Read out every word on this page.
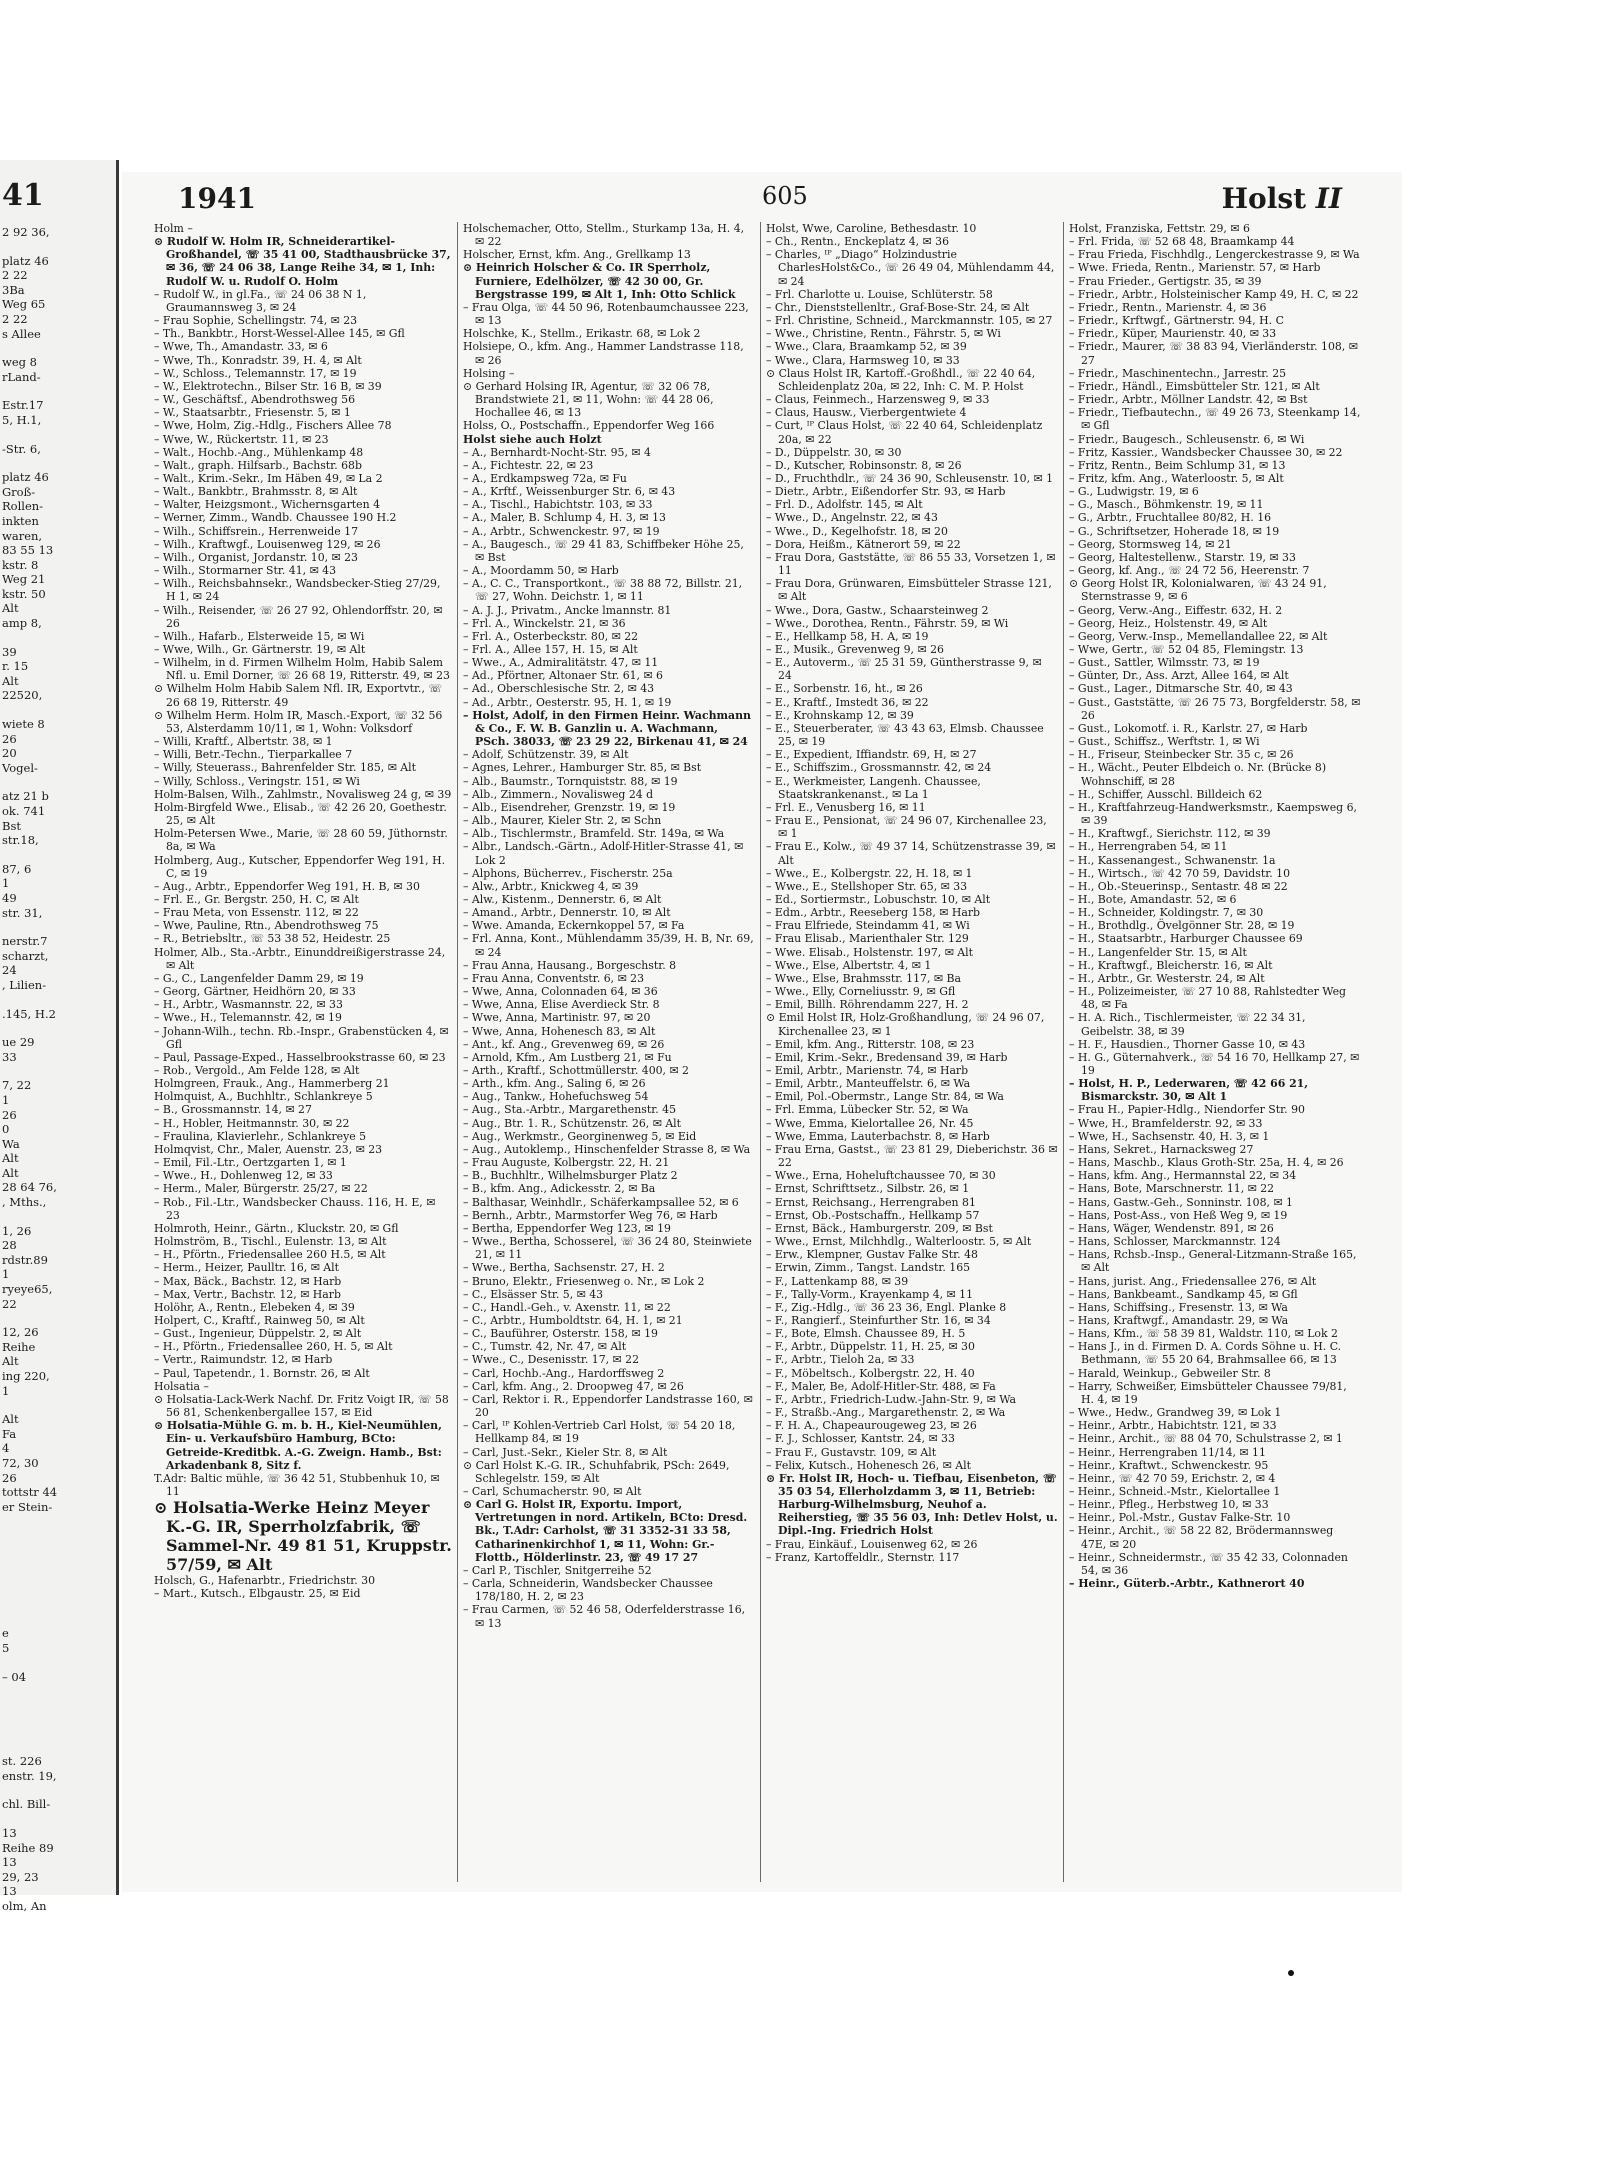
41
2 92 36,
platz 46
2 22
3Ba
Weg 65
2 22
s Allee
weg 8
rLand-
Estr.17
5, H.1,
-Str. 6,
platz 46
Groß-
Rollen-
inkten
waren,
83 55 13
kstr. 8
Weg 21
kstr. 50
Alt
amp 8,
39
r. 15
Alt
22520,
wiete 8
26
20
Vogel-
atz 21 b
ok. 741
Bst
str.18,
87, 6
1
49
str. 31,
nerstr.7
scharzt,
24
, Lilien-
.145, H.2
ue 29
33
7, 22
1
26
0
Wa
Alt
Alt
28 64 76,
, Mths.,
1, 26
28
rdstr.89
1
ryeye65,
22
12, 26
Reihe
Alt
ing 220,
1
Alt
Fa
4
72, 30
26
tottstr 44
er Stein-
e
5
– 04
st. 226
enstr. 19,
chl. Bill-
13
Reihe 89
13
29, 23
13
olm, An
1941	605	Holst II
Holm –
⊙ Rudolf W. Holm IR, Schneiderartikel-Großhandel, ☏ 35 41 00, Stadthausbrücke 37, ✉ 36, ☏ 24 06 38, Lange Reihe 34, ✉ 1, Inh: Rudolf W. u. Rudolf O. Holm
– Rudolf W., in gl.Fa., ☏ 24 06 38 N 1, Graumannsweg 3, ✉ 24
– Frau Sophie, Schellingstr. 74, ✉ 23
– Th., Bankbtr., Horst-Wessel-Allee 145, ✉ Gfl
– Wwe, Th., Amandastr. 33, ✉ 6
– Wwe, Th., Konradstr. 39, H. 4, ✉ Alt
– W., Schloss., Telemannstr. 17, ✉ 19
– W., Elektrotechn., Bilser Str. 16 B, ✉ 39
– W., Geschäftsf., Abendrothsweg 56
– W., Staatsarbtr., Friesenstr. 5, ✉ 1
– Wwe, Holm, Zig.-Hdlg., Fischers Allee 78
– Wwe, W., Rückertstr. 11, ✉ 23
– Walt., Hochb.-Ang., Mühlenkamp 48
– Walt., graph. Hilfsarb., Bachstr. 68b
– Walt., Krim.-Sekr., Im Häben 49, ✉ La 2
– Walt., Bankbtr., Brahmsstr. 8, ✉ Alt
– Walter, Heizgsmont., Wichernsgarten 4
– Werner, Zimm., Wandb. Chaussee 190 H.2
– Wilh., Schiffsrein., Herrenweide 17
– Wilh., Kraftwgf., Louisenweg 129, ✉ 26
– Wilh., Organist, Jordanstr. 10, ✉ 23
– Wilh., Stormarner Str. 41, ✉ 43
– Wilh., Reichsbahnsekr., Wandsbecker-Stieg 27/29, H 1, ✉ 24
– Wilh., Reisender, ☏ 26 27 92, Ohlendorffstr. 20, ✉ 26
– Wilh., Hafarb., Elsterweide 15, ✉ Wi
– Wwe, Wilh., Gr. Gärtnerstr. 19, ✉ Alt
– Wilhelm, in d. Firmen Wilhelm Holm, Habib Salem Nfl. u. Emil Dorner, ☏ 26 68 19, Ritterstr. 49, ✉ 23
⊙ Wilhelm Holm Habib Salem Nfl. IR, Exportvtr., ☏ 26 68 19, Ritterstr. 49
⊙ Wilhelm Herm. Holm IR, Masch.-Export, ☏ 32 56 53, Alsterdamm 10/11, ✉ 1, Wohn: Volksdorf
– Willi, Kraftf., Albertstr. 38, ✉ 1
– Willi, Betr.-Techn., Tierparkallee 7
– Willy, Steuerass., Bahrenfelder Str. 185, ✉ Alt
– Willy, Schloss., Veringstr. 151, ✉ Wi
Holm-Balsen, Wilh., Zahlmstr., Novalisweg 24 g, ✉ 39
Holm-Birgfeld Wwe., Elisab., ☏ 42 26 20, Goethestr. 25, ✉ Alt
Holm-Petersen Wwe., Marie, ☏ 28 60 59, Jüthornstr. 8a, ✉ Wa
Holmberg, Aug., Kutscher, Eppendorfer Weg 191, H. C, ✉ 19
– Aug., Arbtr., Eppendorfer Weg 191, H. B, ✉ 30
– Frl. E., Gr. Bergstr. 250, H. C, ✉ Alt
– Frau Meta, von Essenstr. 112, ✉ 22
– Wwe, Pauline, Rtn., Abendrothsweg 75
– R., Betriebsltr., ☏ 53 38 52, Heidestr. 25
Holmer, Alb., Sta.-Arbtr., Einunddreißigerstrasse 24, ✉ Alt
– G., C., Langenfelder Damm 29, ✉ 19
– Georg, Gärtner, Heidhörn 20, ✉ 33
– H., Arbtr., Wasmannstr. 22, ✉ 33
– Wwe., H., Telemannstr. 42, ✉ 19
– Johann-Wilh., techn. Rb.-Inspr., Grabenstücken 4, ✉ Gfl
– Paul, Passage-Exped., Hasselbrookstrasse 60, ✉ 23
– Rob., Vergold., Am Felde 128, ✉ Alt
Holmgreen, Frauk., Ang., Hammerberg 21
Holmquist, A., Buchhltr., Schlankreye 5
– B., Grossmannstr. 14, ✉ 27
– H., Hobler, Heitmannstr. 30, ✉ 22
– Fraulina, Klavierlehr., Schlankreye 5
Holmqvist, Chr., Maler, Auenstr. 23, ✉ 23
– Emil, Fil.-Ltr., Oertzgarten 1, ✉ 1
– Wwe., H., Dohlenweg 12, ✉ 33
– Herm., Maler, Bürgerstr. 25/27, ✉ 22
– Rob., Fil.-Ltr., Wandsbecker Chauss. 116, H. E, ✉ 23
Holmroth, Heinr., Gärtn., Kluckstr. 20, ✉ Gfl
Holmström, B., Tischl., Eulenstr. 13, ✉ Alt
– H., Pförtn., Friedensallee 260 H.5, ✉ Alt
– Herm., Heizer, Paulltr. 16, ✉ Alt
– Max, Bäck., Bachstr. 12, ✉ Harb
– Max, Vertr., Bachstr. 12, ✉ Harb
Holöhr, A., Rentn., Elebeken 4, ✉ 39
Holpert, C., Kraftf., Rainweg 50, ✉ Alt
– Gust., Ingenieur, Düppelstr. 2, ✉ Alt
– H., Pförtn., Friedensallee 260, H. 5, ✉ Alt
– Vertr., Raimundstr. 12, ✉ Harb
– Paul, Tapetendr., 1. Bornstr. 26, ✉ Alt
Holsatia –
⊙ Holsatia-Lack-Werk Nachf. Dr. Fritz Voigt IR, ☏ 58 56 81, Schenkenbergallee 157, ✉ Eid
⊙ Holsatia-Mühle G. m. b. H., Kiel-Neumühlen, Ein- u. Verkaufsbüro Hamburg, BCto: Getreide-Kreditbk. A.-G. Zweign. Hamb., Bst: Arkadenbank 8, Sitz f.
T.Adr: Baltic mühle, ☏ 36 42 51, Stubbenhuk 10, ✉ 11
⊙ Holsatia-Werke Heinz Meyer K.-G. IR, Sperrholzfabrik, ☏ Sammel-Nr. 49 81 51, Kruppstr. 57/59, ✉ Alt
Holsch, G., Hafenarbtr., Friedrichstr. 30
– Mart., Kutsch., Elbgaustr. 25, ✉ Eid
Holschemacher, Otto, Stellm., Sturkamp 13a, H. 4, ✉ 22
Holscher, Ernst, kfm. Ang., Grellkamp 13
⊙ Heinrich Holscher & Co. IR Sperrholz, Furniere, Edelhölzer, ☏ 42 30 00, Gr. Bergstrasse 199, ✉ Alt 1, Inh: Otto Schlick
– Frau Olga, ☏ 44 50 96, Rotenbaumchaussee 223, ✉ 13
Holschke, K., Stellm., Erikastr. 68, ✉ Lok 2
Holsiepe, O., kfm. Ang., Hammer Landstrasse 118, ✉ 26
Holsing –
⊙ Gerhard Holsing IR, Agentur, ☏ 32 06 78, Brandstwiete 21, ✉ 11, Wohn: ☏ 44 28 06, Hochallee 46, ✉ 13
Holss, O., Postschaffn., Eppendorfer Weg 166
Holst siehe auch Holzt
– A., Bernhardt-Nocht-Str. 95, ✉ 4
– A., Fichtestr. 22, ✉ 23
– A., Erdkampsweg 72a, ✉ Fu
– A., Krftf., Weissenburger Str. 6, ✉ 43
– A., Tischl., Habichtstr. 103, ✉ 33
– A., Maler, B. Schlump 4, H. 3, ✉ 13
– A., Arbtr., Schwenckestr. 97, ✉ 19
– A., Baugesch., ☏ 29 41 83, Schiffbeker Höhe 25, ✉ Bst
– A., Moordamm 50, ✉ Harb
– A., C. C., Transportkont., ☏ 38 88 72, Billstr. 21, ☏ 27, Wohn. Deichstr. 1, ✉ 11
– A. J. J., Privatm., Ancke lmannstr. 81
– Frl. A., Winckelstr. 21, ✉ 36
– Frl. A., Osterbeckstr. 80, ✉ 22
– Frl. A., Allee 157, H. 15, ✉ Alt
– Wwe., A., Admiralitätstr. 47, ✉ 11
– Ad., Pförtner, Altonaer Str. 61, ✉ 6
– Ad., Oberschlesische Str. 2, ✉ 43
– Ad., Arbtr., Oesterstr. 95, H. 1, ✉ 19
– Holst, Adolf, in den Firmen Heinr. Wachmann & Co., F. W. B. Ganzlin u. A. Wachmann, PSch. 38033, ☏ 23 29 22, Birkenau 41, ✉ 24
– Adolf, Schützenstr. 39, ✉ Alt
– Agnes, Lehrer., Hamburger Str. 85, ✉ Bst
– Alb., Baumstr., Tornquiststr. 88, ✉ 19
– Alb., Zimmern., Novalisweg 24 d
– Alb., Eisendreher, Grenzstr. 19, ✉ 19
– Alb., Maurer, Kieler Str. 2, ✉ Schn
– Alb., Tischlermstr., Bramfeld. Str. 149a, ✉ Wa
– Albr., Landsch.-Gärtn., Adolf-Hitler-Strasse 41, ✉ Lok 2
– Alphons, Bücherrev., Fischerstr. 25a
– Alw., Arbtr., Knickweg 4, ✉ 39
– Alw., Kistenm., Dennerstr. 6, ✉ Alt
– Amand., Arbtr., Dennerstr. 10, ✉ Alt
– Wwe. Amanda, Eckernkoppel 57, ✉ Fa
– Frl. Anna, Kont., Mühlendamm 35/39, H. B, Nr. 69, ✉ 24
– Frau Anna, Hausang., Borgeschstr. 8
– Frau Anna, Conventstr. 6, ✉ 23
– Wwe, Anna, Colonnaden 64, ✉ 36
– Wwe, Anna, Elise Averdieck Str. 8
– Wwe, Anna, Martinistr. 97, ✉ 20
– Wwe, Anna, Hohenesch 83, ✉ Alt
– Ant., kf. Ang., Grevenweg 69, ✉ 26
– Arnold, Kfm., Am Lustberg 21, ✉ Fu
– Arth., Kraftf., Schottmüllerstr. 400, ✉ 2
– Arth., kfm. Ang., Saling 6, ✉ 26
– Aug., Tankw., Hohefuchsweg 54
– Aug., Sta.-Arbtr., Margarethenstr. 45
– Aug., Btr. 1. R., Schützenstr. 26, ✉ Alt
– Aug., Werkmstr., Georginenweg 5, ✉ Eid
– Aug., Autoklemp., Hinschenfelder Strasse 8, ✉ Wa
– Frau Auguste, Kolbergstr. 22, H. 21
– B., Buchhltr., Wilhelmsburger Platz 2
– B., kfm. Ang., Adickesstr. 2, ✉ Ba
– Balthasar, Weinhdlr., Schäferkampsallee 52, ✉ 6
– Bernh., Arbtr., Marmstorfer Weg 76, ✉ Harb
– Bertha, Eppendorfer Weg 123, ✉ 19
– Wwe., Bertha, Schosserel, ☏ 36 24 80, Steinwiete 21, ✉ 11
– Wwe., Bertha, Sachsenstr. 27, H. 2
– Bruno, Elektr., Friesenweg o. Nr., ✉ Lok 2
– C., Elsässer Str. 5, ✉ 43
– C., Handl.-Geh., v. Axenstr. 11, ✉ 22
– C., Arbtr., Humboldtstr. 64, H. 1, ✉ 21
– C., Bauführer, Osterstr. 158, ✉ 19
– C., Tumstr. 42, Nr. 47, ✉ Alt
– Wwe., C., Desenisstr. 17, ✉ 22
– Carl, Hochb.-Ang., Hardorffsweg 2
– Carl, kfm. Ang., 2. Droopweg 47, ✉ 26
– Carl, Rektor i. R., Eppendorfer Landstrasse 160, ✉ 20
– Carl, ᴵᴾ Kohlen-Vertrieb Carl Holst, ☏ 54 20 18, Hellkamp 84, ✉ 19
– Carl, Just.-Sekr., Kieler Str. 8, ✉ Alt
⊙ Carl Holst K.-G. IR., Schuhfabrik, PSch: 2649, Schlegelstr. 159, ✉ Alt
– Carl, Schumacherstr. 90, ✉ Alt
⊙ Carl G. Holst IR, Exportu. Import, Vertretungen in nord. Artikeln, BCto: Dresd. Bk., T.Adr: Carholst, ☏ 31 3352-31 33 58, Catharinenkirchhof 1, ✉ 11, Wohn: Gr.-Flottb., Hölderlinstr. 23, ☏ 49 17 27
– Carl P., Tischler, Snitgerreihe 52
– Carla, Schneiderin, Wandsbecker Chaussee 178/180, H. 2, ✉ 23
– Frau Carmen, ☏ 52 46 58, Oderfelderstrasse 16, ✉ 13
Holst, Wwe, Caroline, Bethesdastr. 10
– Ch., Rentn., Enckeplatz 4, ✉ 36
– Charles, ᴵᴾ „Diago“ Holzindustrie CharlesHolst&Co., ☏ 26 49 04, Mühlendamm 44, ✉ 24
– Frl. Charlotte u. Louise, Schlüterstr. 58
– Chr., Dienststellenltr., Graf-Bose-Str. 24, ✉ Alt
– Frl. Christine, Schneid., Marckmannstr. 105, ✉ 27
– Wwe., Christine, Rentn., Fährstr. 5, ✉ Wi
– Wwe., Clara, Braamkamp 52, ✉ 39
– Wwe., Clara, Harmsweg 10, ✉ 33
⊙ Claus Holst IR, Kartoff.-Großhdl., ☏ 22 40 64, Schleidenplatz 20a, ✉ 22, Inh: C. M. P. Holst
– Claus, Feinmech., Harzensweg 9, ✉ 33
– Claus, Hausw., Vierbergentwiete 4
– Curt, ᴵᴾ Claus Holst, ☏ 22 40 64, Schleidenplatz 20a, ✉ 22
– D., Düppelstr. 30, ✉ 30
– D., Kutscher, Robinsonstr. 8, ✉ 26
– D., Fruchthdlr., ☏ 24 36 90, Schleusenstr. 10, ✉ 1
– Dietr., Arbtr., Eißendorfer Str. 93, ✉ Harb
– Frl. D., Adolfstr. 145, ✉ Alt
– Wwe., D., Angelnstr. 22, ✉ 43
– Wwe., D., Kegelhofstr. 18, ✉ 20
– Dora, Heißm., Kätnerort 59, ✉ 22
– Frau Dora, Gaststätte, ☏ 86 55 33, Vorsetzen 1, ✉ 11
– Frau Dora, Grünwaren, Eimsbütteler Strasse 121, ✉ Alt
– Wwe., Dora, Gastw., Schaarsteinweg 2
– Wwe., Dorothea, Rentn., Fährstr. 59, ✉ Wi
– E., Hellkamp 58, H. A, ✉ 19
– E., Musik., Grevenweg 9, ✉ 26
– E., Autoverm., ☏ 25 31 59, Güntherstrasse 9, ✉ 24
– E., Sorbenstr. 16, ht., ✉ 26
– E., Kraftf., Imstedt 36, ✉ 22
– E., Krohnskamp 12, ✉ 39
– E., Steuerberater, ☏ 43 43 63, Elmsb. Chaussee 25, ✉ 19
– E., Expedient, Iffiandstr. 69, H, ✉ 27
– E., Schiffszim., Grossmannstr. 42, ✉ 24
– E., Werkmeister, Langenh. Chaussee, Staatskrankenanst., ✉ La 1
– Frl. E., Venusberg 16, ✉ 11
– Frau E., Pensionat, ☏ 24 96 07, Kirchenallee 23, ✉ 1
– Frau E., Kolw., ☏ 49 37 14, Schützenstrasse 39, ✉ Alt
– Wwe., E., Kolbergstr. 22, H. 18, ✉ 1
– Wwe., E., Stellshoper Str. 65, ✉ 33
– Ed., Sortiermstr., Lobuschstr. 10, ✉ Alt
– Edm., Arbtr., Reeseberg 158, ✉ Harb
– Frau Elfriede, Steindamm 41, ✉ Wi
– Frau Elisab., Marienthaler Str. 129
– Wwe. Elisab., Holstenstr. 197, ✉ Alt
– Wwe., Else, Albertstr. 4, ✉ 1
– Wwe., Else, Brahmsstr. 117, ✉ Ba
– Wwe., Elly, Corneliusstr. 9, ✉ Gfl
– Emil, Billh. Röhrendamm 227, H. 2
⊙ Emil Holst IR, Holz-Großhandlung, ☏ 24 96 07, Kirchenallee 23, ✉ 1
– Emil, kfm. Ang., Ritterstr. 108, ✉ 23
– Emil, Krim.-Sekr., Bredensand 39, ✉ Harb
– Emil, Arbtr., Marienstr. 74, ✉ Harb
– Emil, Arbtr., Manteuffelstr. 6, ✉ Wa
– Emil, Pol.-Obermstr., Lange Str. 84, ✉ Wa
– Frl. Emma, Lübecker Str. 52, ✉ Wa
– Wwe, Emma, Kielortallee 26, Nr. 45
– Wwe, Emma, Lauterbachstr. 8, ✉ Harb
– Frau Erna, Gastst., ☏ 23 81 29, Dieberichstr. 36 ✉ 22
– Wwe., Erna, Hoheluftchaussee 70, ✉ 30
– Ernst, Schrifttsetz., Silbstr. 26, ✉ 1
– Ernst, Reichsang., Herrengraben 81
– Ernst, Ob.-Postschaffn., Hellkamp 57
– Ernst, Bäck., Hamburgerstr. 209, ✉ Bst
– Wwe., Ernst, Milchhdlg., Walterloostr. 5, ✉ Alt
– Erw., Klempner, Gustav Falke Str. 48
– Erwin, Zimm., Tangst. Landstr. 165
– F., Lattenkamp 88, ✉ 39
– F., Tally-Vorm., Krayenkamp 4, ✉ 11
– F., Zig.-Hdlg., ☏ 36 23 36, Engl. Planke 8
– F., Rangierf., Steinfurther Str. 16, ✉ 34
– F., Bote, Elmsh. Chaussee 89, H. 5
– F., Arbtr., Düppelstr. 11, H. 25, ✉ 30
– F., Arbtr., Tieloh 2a, ✉ 33
– F., Möbeltsch., Kolbergstr. 22, H. 40
– F., Maler, Be, Adolf-Hitler-Str. 488, ✉ Fa
– F., Arbtr., Friedrich-Ludw.-Jahn-Str. 9, ✉ Wa
– F., Straßb.-Ang., Margarethenstr. 2, ✉ Wa
– F. H. A., Chapeaurougeweg 23, ✉ 26
– F. J., Schlosser, Kantstr. 24, ✉ 33
– Frau F., Gustavstr. 109, ✉ Alt
– Felix, Kutsch., Hohenesch 26, ✉ Alt
⊙ Fr. Holst IR, Hoch- u. Tiefbau, Eisenbeton, ☏ 35 03 54, Ellerholzdamm 3, ✉ 11, Betrieb: Harburg-Wilhelmsburg, Neuhof a. Reiherstieg, ☏ 35 56 03, Inh: Detlev Holst, u. Dipl.-Ing. Friedrich Holst
– Frau, Einkäuf., Louisenweg 62, ✉ 26
– Franz, Kartoffeldlr., Sternstr. 117
Holst, Franziska, Fettstr. 29, ✉ 6
– Frl. Frida, ☏ 52 68 48, Braamkamp 44
– Frau Frieda, Fischhdlg., Lengerckestrasse 9, ✉ Wa
– Wwe. Frieda, Rentn., Marienstr. 57, ✉ Harb
– Frau Frieder., Gertigstr. 35, ✉ 39
– Friedr., Arbtr., Holsteinischer Kamp 49, H. C, ✉ 22
– Friedr., Rentn., Marienstr. 4, ✉ 36
– Friedr., Krftwgf., Gärtnerstr. 94, H. C
– Friedr., Küper, Maurienstr. 40, ✉ 33
– Friedr., Maurer, ☏ 38 83 94, Vierländerstr. 108, ✉ 27
– Friedr., Maschinentechn., Jarrestr. 25
– Friedr., Händl., Eimsbütteler Str. 121, ✉ Alt
– Friedr., Arbtr., Möllner Landstr. 42, ✉ Bst
– Friedr., Tiefbautechn., ☏ 49 26 73, Steenkamp 14, ✉ Gfl
– Friedr., Baugesch., Schleusenstr. 6, ✉ Wi
– Fritz, Kassier., Wandsbecker Chaussee 30, ✉ 22
– Fritz, Rentn., Beim Schlump 31, ✉ 13
– Fritz, kfm. Ang., Waterloostr. 5, ✉ Alt
– G., Ludwigstr. 19, ✉ 6
– G., Masch., Böhmkenstr. 19, ✉ 11
– G., Arbtr., Fruchtallee 80/82, H. 16
– G., Schriftsetzer, Hoherade 18, ✉ 19
– Georg, Stormsweg 14, ✉ 21
– Georg, Haltestellenw., Starstr. 19, ✉ 33
– Georg, kf. Ang., ☏ 24 72 56, Heerenstr. 7
⊙ Georg Holst IR, Kolonialwaren, ☏ 43 24 91, Sternstrasse 9, ✉ 6
– Georg, Verw.-Ang., Eiffestr. 632, H. 2
– Georg, Heiz., Holstenstr. 49, ✉ Alt
– Georg, Verw.-Insp., Memellandallee 22, ✉ Alt
– Wwe, Gertr., ☏ 52 04 85, Flemingstr. 13
– Gust., Sattler, Wilmsstr. 73, ✉ 19
– Günter, Dr., Ass. Arzt, Allee 164, ✉ Alt
– Gust., Lager., Ditmarsche Str. 40, ✉ 43
– Gust., Gaststätte, ☏ 26 75 73, Borgfelderstr. 58, ✉ 26
– Gust., Lokomotf. i. R., Karlstr. 27, ✉ Harb
– Gust., Schiffsz., Werftstr. 1, ✉ Wi
– H., Friseur, Steinbecker Str. 35 c, ✉ 26
– H., Wächt., Peuter Elbdeich o. Nr. (Brücke 8) Wohnschiff, ✉ 28
– H., Schiffer, Ausschl. Billdeich 62
– H., Kraftfahrzeug-Handwerksmstr., Kaempsweg 6, ✉ 39
– H., Kraftwgf., Sierichstr. 112, ✉ 39
– H., Herrengraben 54, ✉ 11
– H., Kassenangest., Schwanenstr. 1a
– H., Wirtsch., ☏ 42 70 59, Davidstr. 10
– H., Ob.-Steuerinsp., Sentastr. 48 ✉ 22
– H., Bote, Amandastr. 52, ✉ 6
– H., Schneider, Koldingstr. 7, ✉ 30
– H., Brothdlg., Övelgönner Str. 28, ✉ 19
– H., Staatsarbtr., Harburger Chaussee 69
– H., Langenfelder Str. 15, ✉ Alt
– H., Kraftwgf., Bleicherstr. 16, ✉ Alt
– H., Arbtr., Gr. Westerstr. 24, ✉ Alt
– H., Polizeimeister, ☏ 27 10 88, Rahlstedter Weg 48, ✉ Fa
– H. A. Rich., Tischlermeister, ☏ 22 34 31, Geibelstr. 38, ✉ 39
– H. F., Hausdien., Thorner Gasse 10, ✉ 43
– H. G., Güternahverk., ☏ 54 16 70, Hellkamp 27, ✉ 19
– Holst, H. P., Lederwaren, ☏ 42 66 21, Bismarckstr. 30, ✉ Alt 1
– Frau H., Papier-Hdlg., Niendorfer Str. 90
– Wwe, H., Bramfelderstr. 92, ✉ 33
– Wwe, H., Sachsenstr. 40, H. 3, ✉ 1
– Hans, Sekret., Harnacksweg 27
– Hans, Maschb., Klaus Groth-Str. 25a, H. 4, ✉ 26
– Hans, kfm. Ang., Hermannstal 22, ✉ 34
– Hans, Bote, Marschnerstr. 11, ✉ 22
– Hans, Gastw.-Geh., Sonninstr. 108, ✉ 1
– Hans, Post-Ass., von Heß Weg 9, ✉ 19
– Hans, Wäger, Wendenstr. 891, ✉ 26
– Hans, Schlosser, Marckmannstr. 124
– Hans, Rchsb.-Insp., General-Litzmann-Straße 165, ✉ Alt
– Hans, jurist. Ang., Friedensallee 276, ✉ Alt
– Hans, Bankbeamt., Sandkamp 45, ✉ Gfl
– Hans, Schiffsing., Fresenstr. 13, ✉ Wa
– Hans, Kraftwgf., Amandastr. 29, ✉ Wa
– Hans, Kfm., ☏ 58 39 81, Waldstr. 110, ✉ Lok 2
– Hans J., in d. Firmen D. A. Cords Söhne u. H. C. Bethmann, ☏ 55 20 64, Brahmsallee 66, ✉ 13
– Harald, Weinkup., Gebweiler Str. 8
– Harry, Schweißer, Eimsbütteler Chaussee 79/81, H. 4, ✉ 19
– Wwe., Hedw., Grandweg 39, ✉ Lok 1
– Heinr., Arbtr., Habichtstr. 121, ✉ 33
– Heinr., Archit., ☏ 88 04 70, Schulstrasse 2, ✉ 1
– Heinr., Herrengraben 11/14, ✉ 11
– Heinr., Kraftwt., Schwenckestr. 95
– Heinr., ☏ 42 70 59, Erichstr. 2, ✉ 4
– Heinr., Schneid.-Mstr., Kielortallee 1
– Heinr., Pfleg., Herbstweg 10, ✉ 33
– Heinr., Pol.-Mstr., Gustav Falke-Str. 10
– Heinr., Archit., ☏ 58 22 82, Brödermannsweg 47E, ✉ 20
– Heinr., Schneidermstr., ☏ 35 42 33, Colonnaden 54, ✉ 36
– Heinr., Güterb.-Arbtr., Kathnerort 40
